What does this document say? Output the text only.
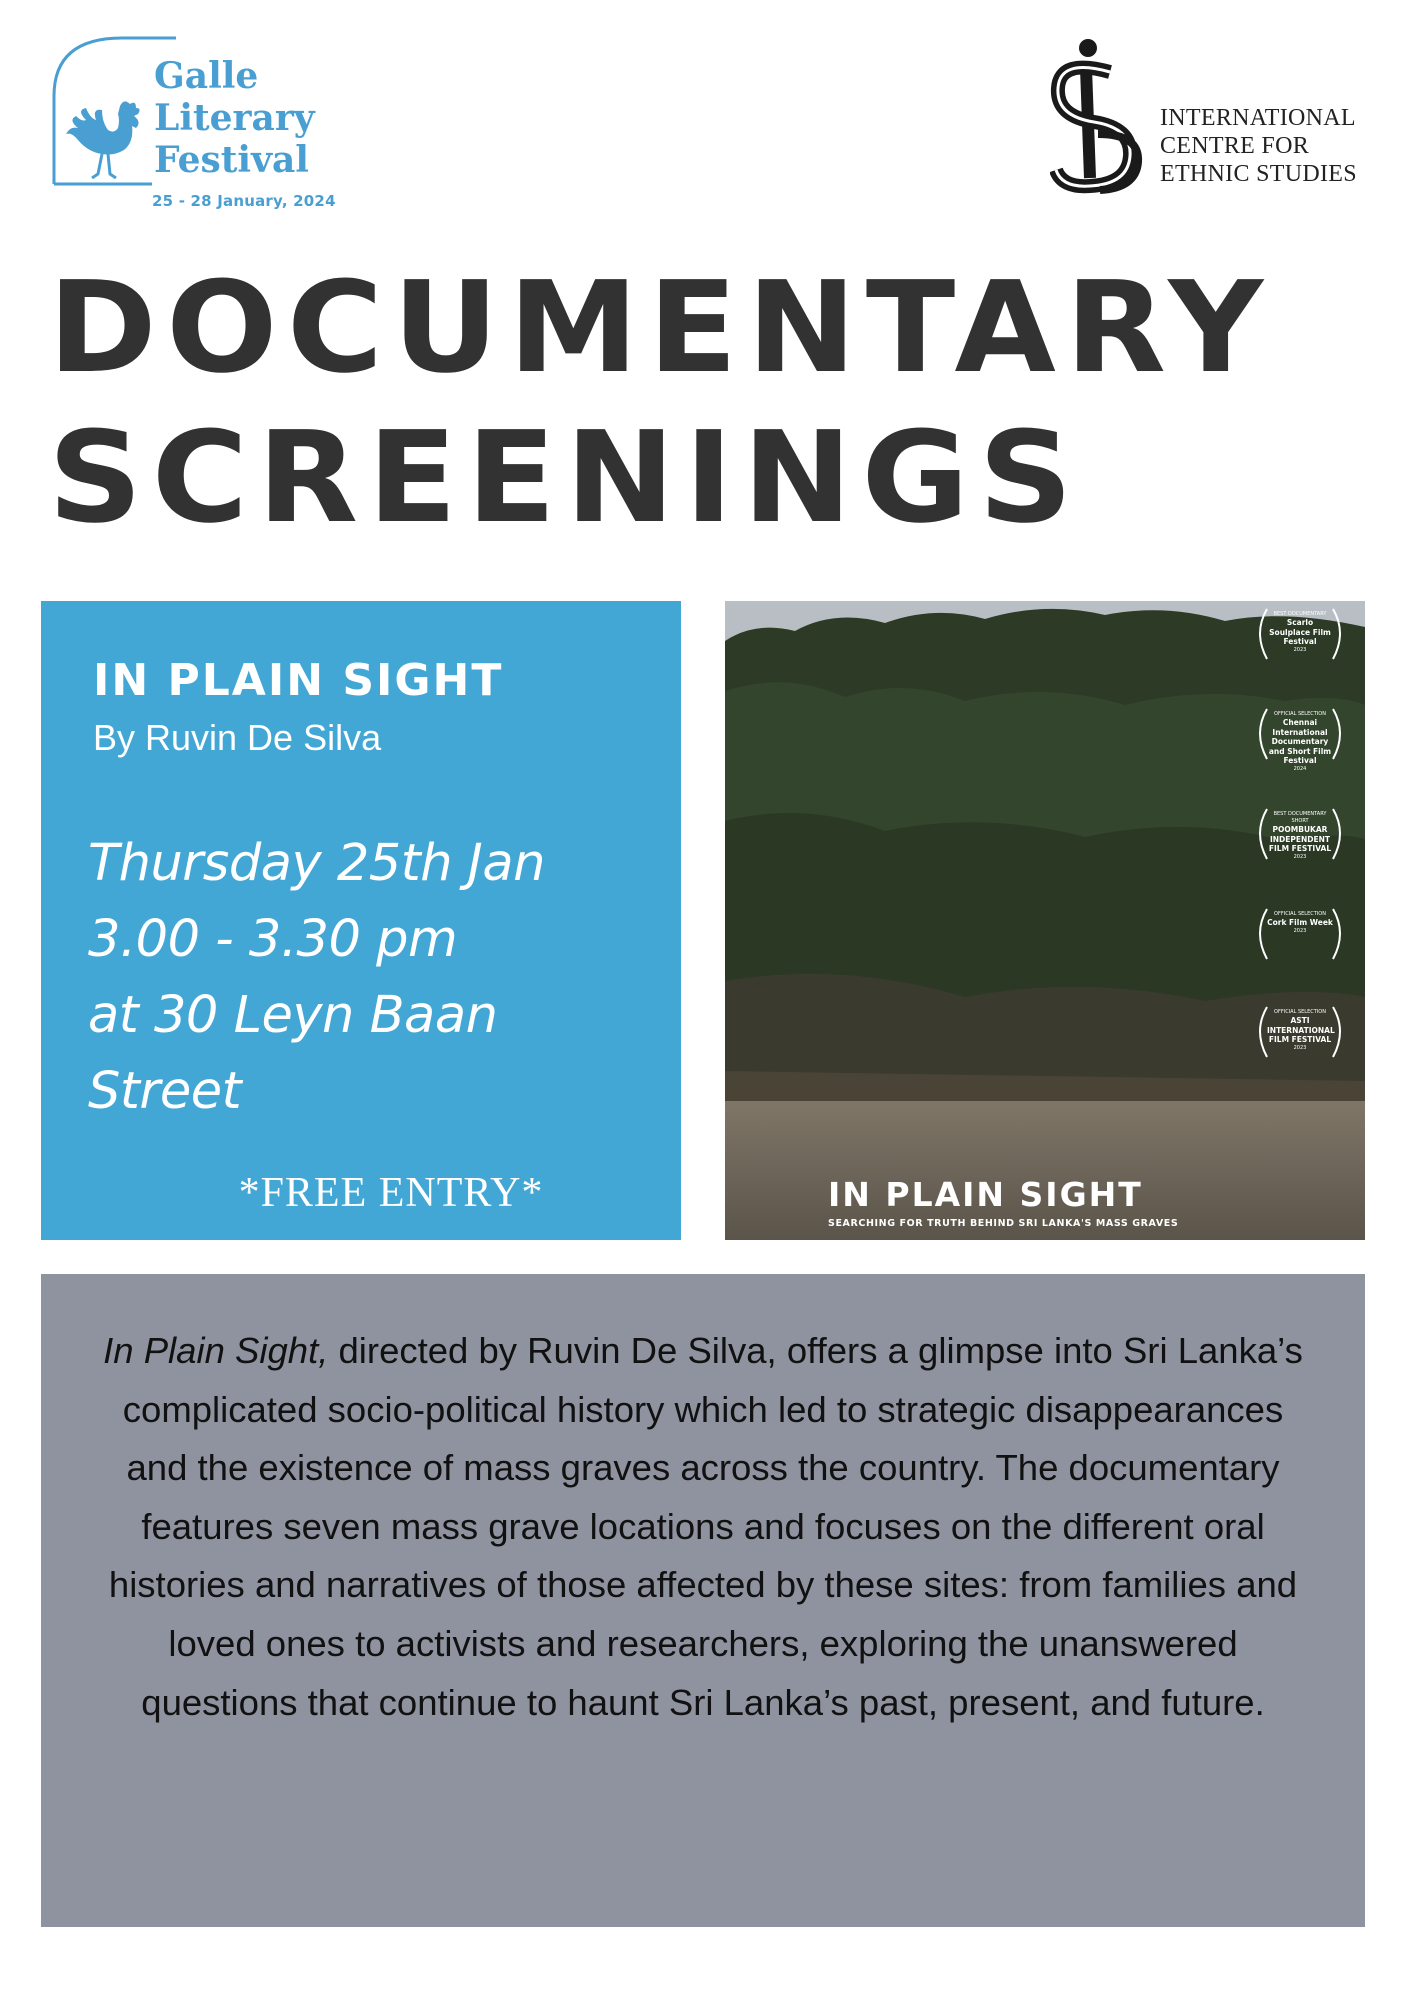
Galle

Literary

Festival

25 - 28 January, 2024

INTERNATIONAL

CENTRE FOR

ETHNIC STUDIES

DOCUMENTARY

SCREENINGS

IN PLAIN SIGHT

By Ruvin De Silva

Thursday 25th Jan

3.00 - 3.30 pm

at 30 Leyn Baan

Street

*FREE ENTRY*

BEST DOCUMENTARY
Scarlo Soulplace Film Festival
2023

OFFICIAL SELECTION
Chennai International Documentary and Short Film Festival
2024

BEST DOCUMENTARY SHORT
POOMBUKAR INDEPENDENT FILM FESTIVAL
2023

OFFICIAL SELECTION
Cork Film Week
2023

OFFICIAL SELECTION
ASTI INTERNATIONAL FILM FESTIVAL
2023

IN PLAIN SIGHT

SEARCHING FOR TRUTH BEHIND SRI LANKA'S MASS GRAVES

In Plain Sight, directed by Ruvin De Silva, offers a glimpse into Sri Lanka’s complicated socio-political history which led to strategic disappearances and the existence of mass graves across the country. The documentary features seven mass grave locations and focuses on the different oral histories and narratives of those affected by these sites: from families and loved ones to activists and researchers, exploring the unanswered questions that continue to haunt Sri Lanka’s past, present, and future.
